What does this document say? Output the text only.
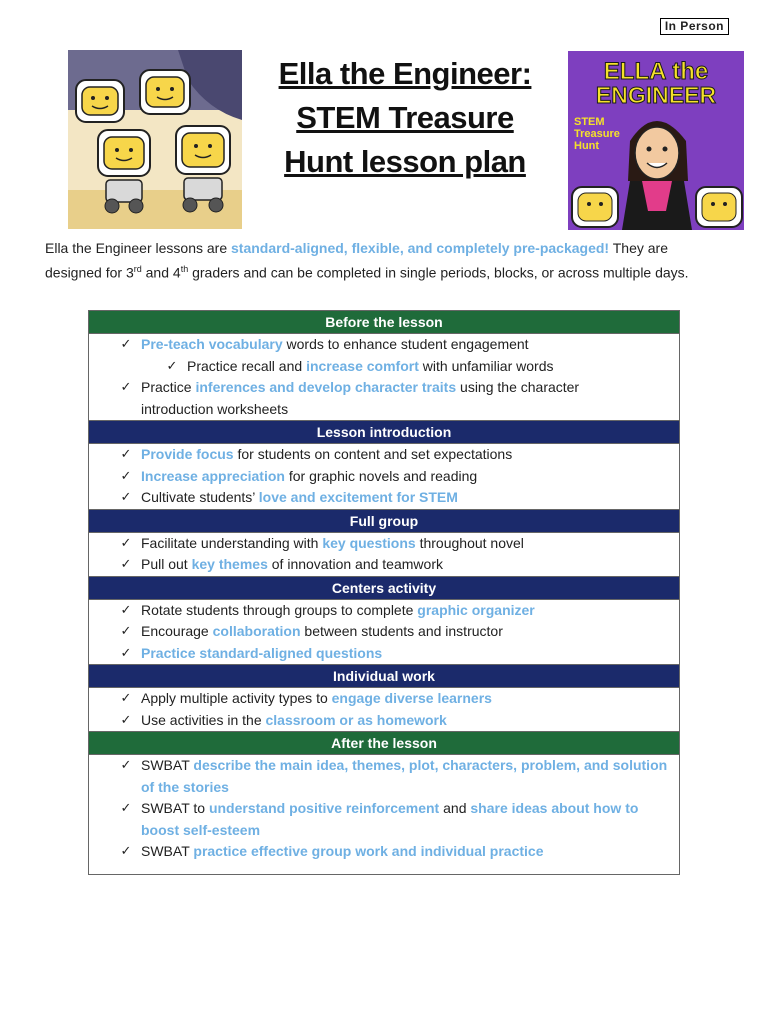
In Person
Ella the Engineer:
STEM Treasure
Hunt lesson plan
ELLA the
ENGINEER
STEM
Treasure
Hunt
Ella the Engineer lessons are standard-aligned, flexible, and completely pre-packaged! They are designed for 3rd and 4th graders and can be completed in single periods, blocks, or across multiple days.
Before the lesson
✓ Pre-teach vocabulary words to enhance student engagement
✓ Practice recall and increase comfort with unfamiliar words
✓ Practice inferences and develop character traits using the character introduction worksheets
Lesson introduction
✓ Provide focus for students on content and set expectations
✓ Increase appreciation for graphic novels and reading
✓ Cultivate students’ love and excitement for STEM
Full group
✓ Facilitate understanding with key questions throughout novel
✓ Pull out key themes of innovation and teamwork
Centers activity
✓ Rotate students through groups to complete graphic organizer
✓ Encourage collaboration between students and instructor
✓ Practice standard-aligned questions
Individual work
✓ Apply multiple activity types to engage diverse learners
✓ Use activities in the classroom or as homework
After the lesson
✓ SWBAT describe the main idea, themes, plot, characters, problem, and solution of the stories
✓ SWBAT to understand positive reinforcement and share ideas about how to boost self-esteem
✓ SWBAT practice effective group work and individual practice
